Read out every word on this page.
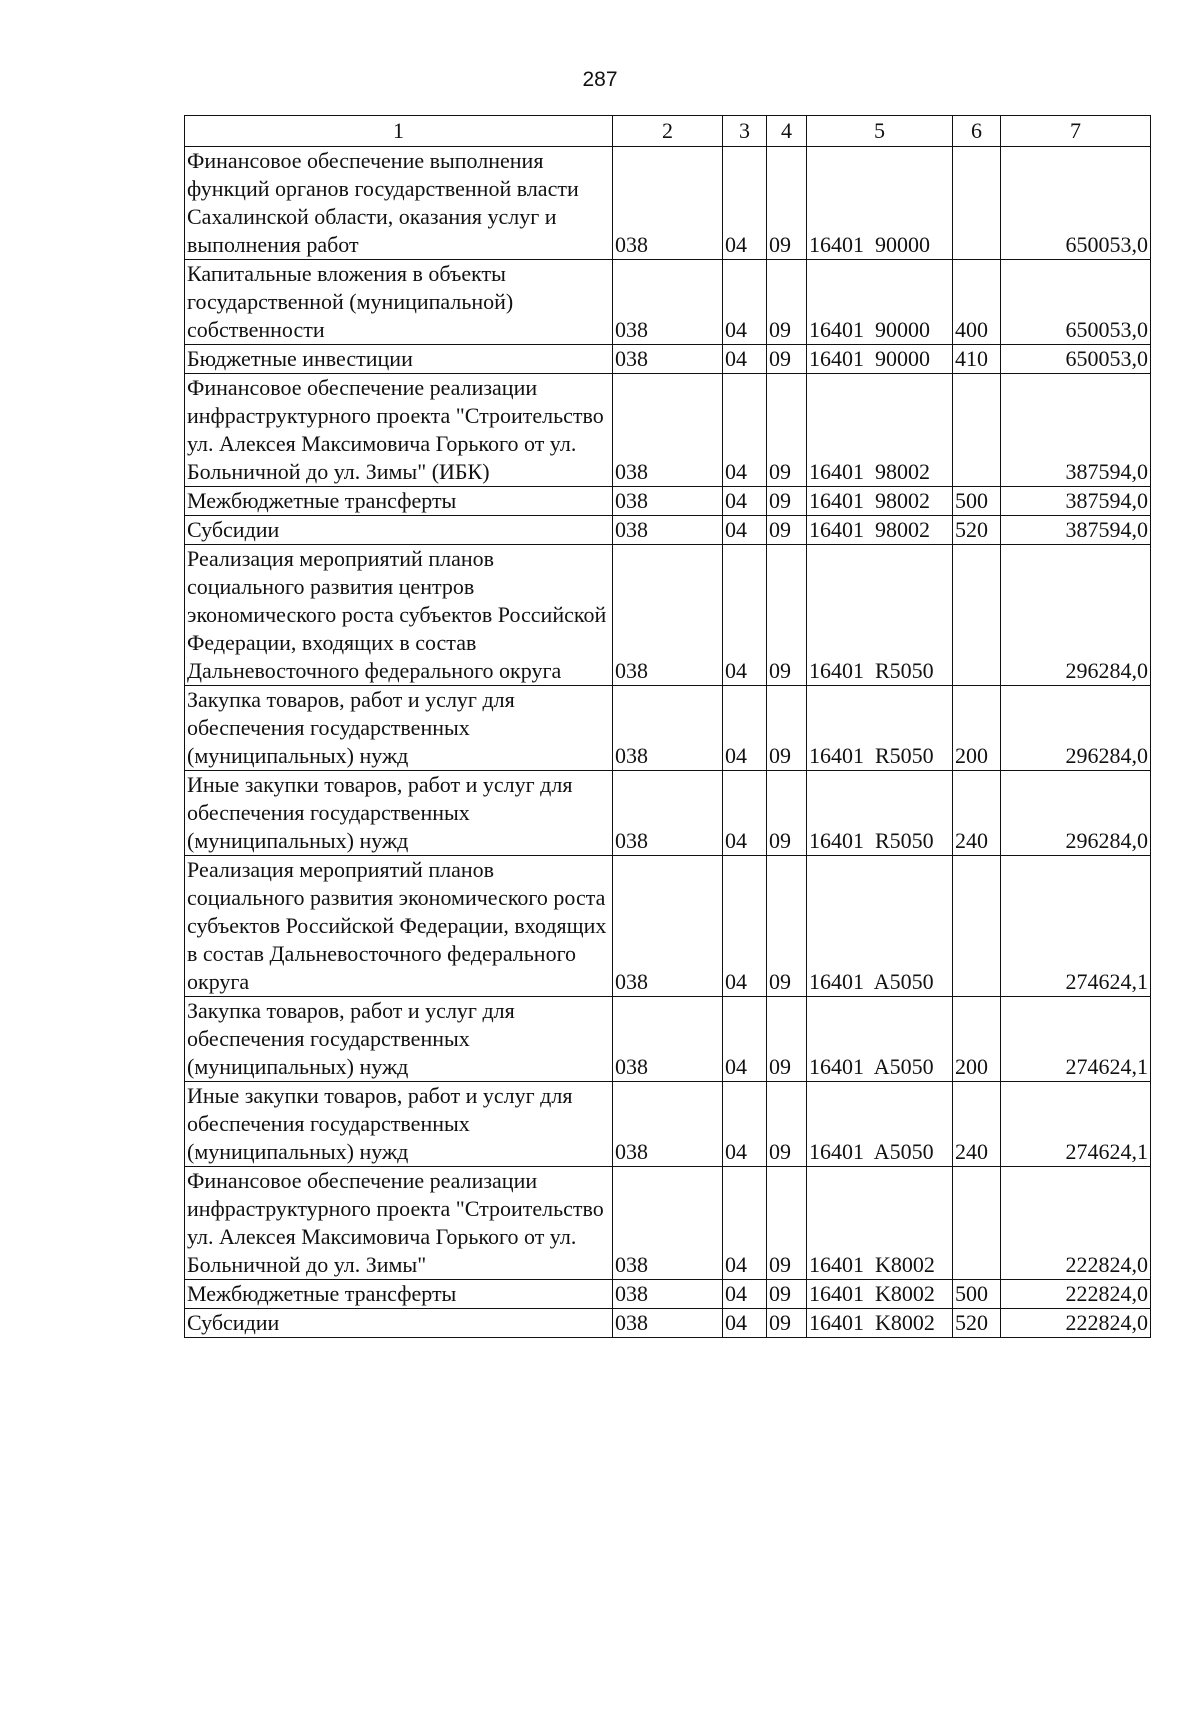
287
1	2	3	4	5	6	7

Финансовое обеспечение выполнения функций органов государственной власти Сахалинской области, оказания услуг и выполнения работ	038	04	09	16401  90000		650053,0

Капитальные вложения в объекты государственной (муниципальной) собственности	038	04	09	16401  90000	400	650053,0

Бюджетные инвестиции	038	04	09	16401  90000	410	650053,0

Финансовое обеспечение реализации инфраструктурного проекта "Строительство ул. Алексея Максимовича Горького от ул. Больничной до ул. Зимы" (ИБК)	038	04	09	16401  98002		387594,0

Межбюджетные трансферты	038	04	09	16401  98002	500	387594,0

Субсидии	038	04	09	16401  98002	520	387594,0

Реализация мероприятий планов социального развития центров экономического роста субъектов Российской Федерации, входящих в состав Дальневосточного федерального округа	038	04	09	16401  R5050		296284,0

Закупка товаров, работ и услуг для обеспечения государственных (муниципальных) нужд	038	04	09	16401  R5050	200	296284,0

Иные закупки товаров, работ и услуг для обеспечения государственных (муниципальных) нужд	038	04	09	16401  R5050	240	296284,0

Реализация мероприятий планов социального развития экономического роста субъектов Российской Федерации, входящих в состав Дальневосточного федерального округа	038	04	09	16401  A5050		274624,1

Закупка товаров, работ и услуг для обеспечения государственных (муниципальных) нужд	038	04	09	16401  A5050	200	274624,1

Иные закупки товаров, работ и услуг для обеспечения государственных (муниципальных) нужд	038	04	09	16401  A5050	240	274624,1

Финансовое обеспечение реализации инфраструктурного проекта "Строительство ул. Алексея Максимовича Горького от ул. Больничной до ул. Зимы"	038	04	09	16401  K8002		222824,0

Межбюджетные трансферты	038	04	09	16401  K8002	500	222824,0

Субсидии	038	04	09	16401  K8002	520	222824,0
